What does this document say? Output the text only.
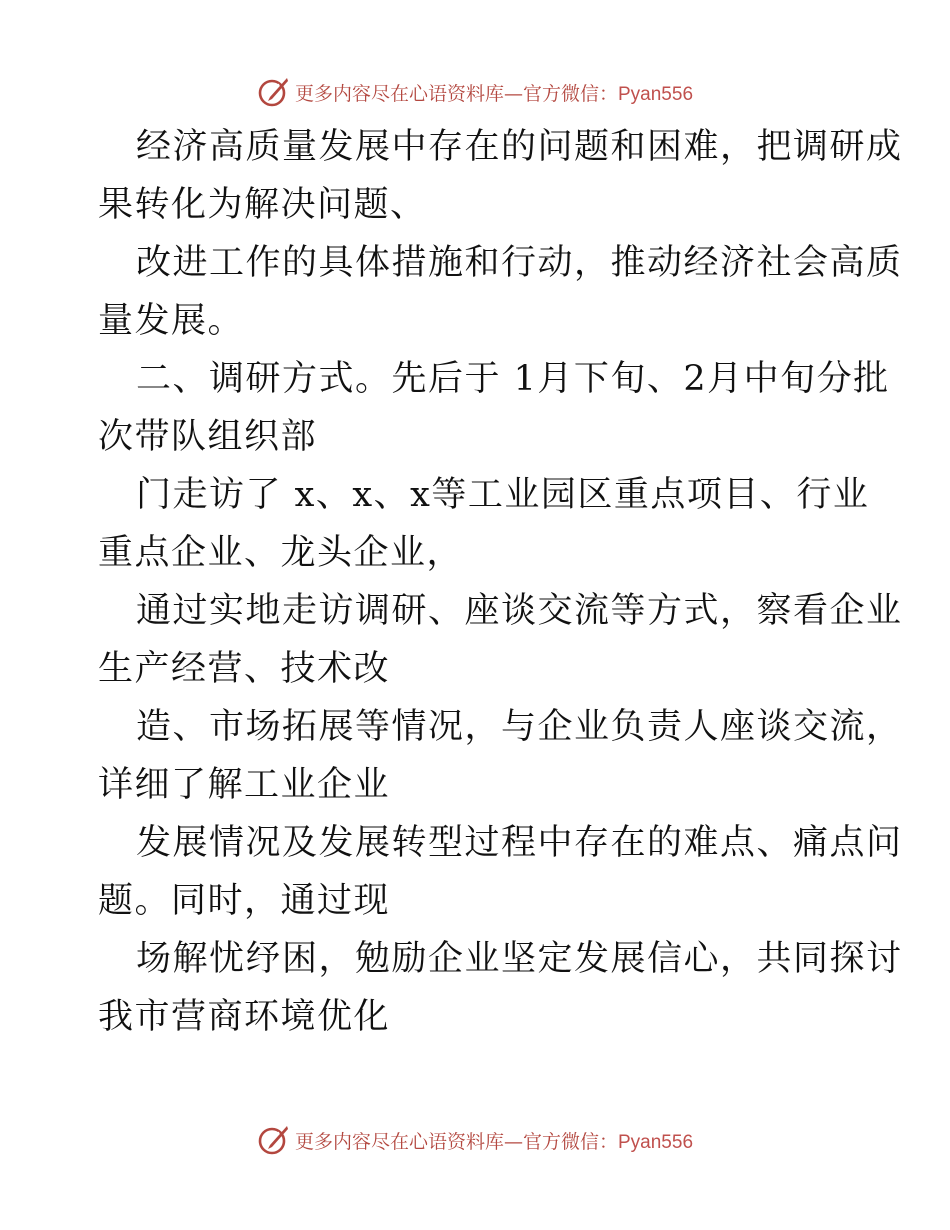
更多内容尽在心语资料库—官方微信：Pyan556
经济高质量发展中存在的问题和困难，把调研成
果转化为解决问题、
改进工作的具体措施和行动，推动经济社会高质
量发展。
二、调研方式。先后于 1月下旬、2月中旬分批
次带队组织部
门走访了 x、x、x等工业园区重点项目、行业
重点企业、龙头企业，
通过实地走访调研、座谈交流等方式，察看企业
生产经营、技术改
造、市场拓展等情况，与企业负责人座谈交流，
详细了解工业企业
发展情况及发展转型过程中存在的难点、痛点问
题。同时，通过现
场解忧纾困，勉励企业坚定发展信心，共同探讨
我市营商环境优化
更多内容尽在心语资料库—官方微信：Pyan556
